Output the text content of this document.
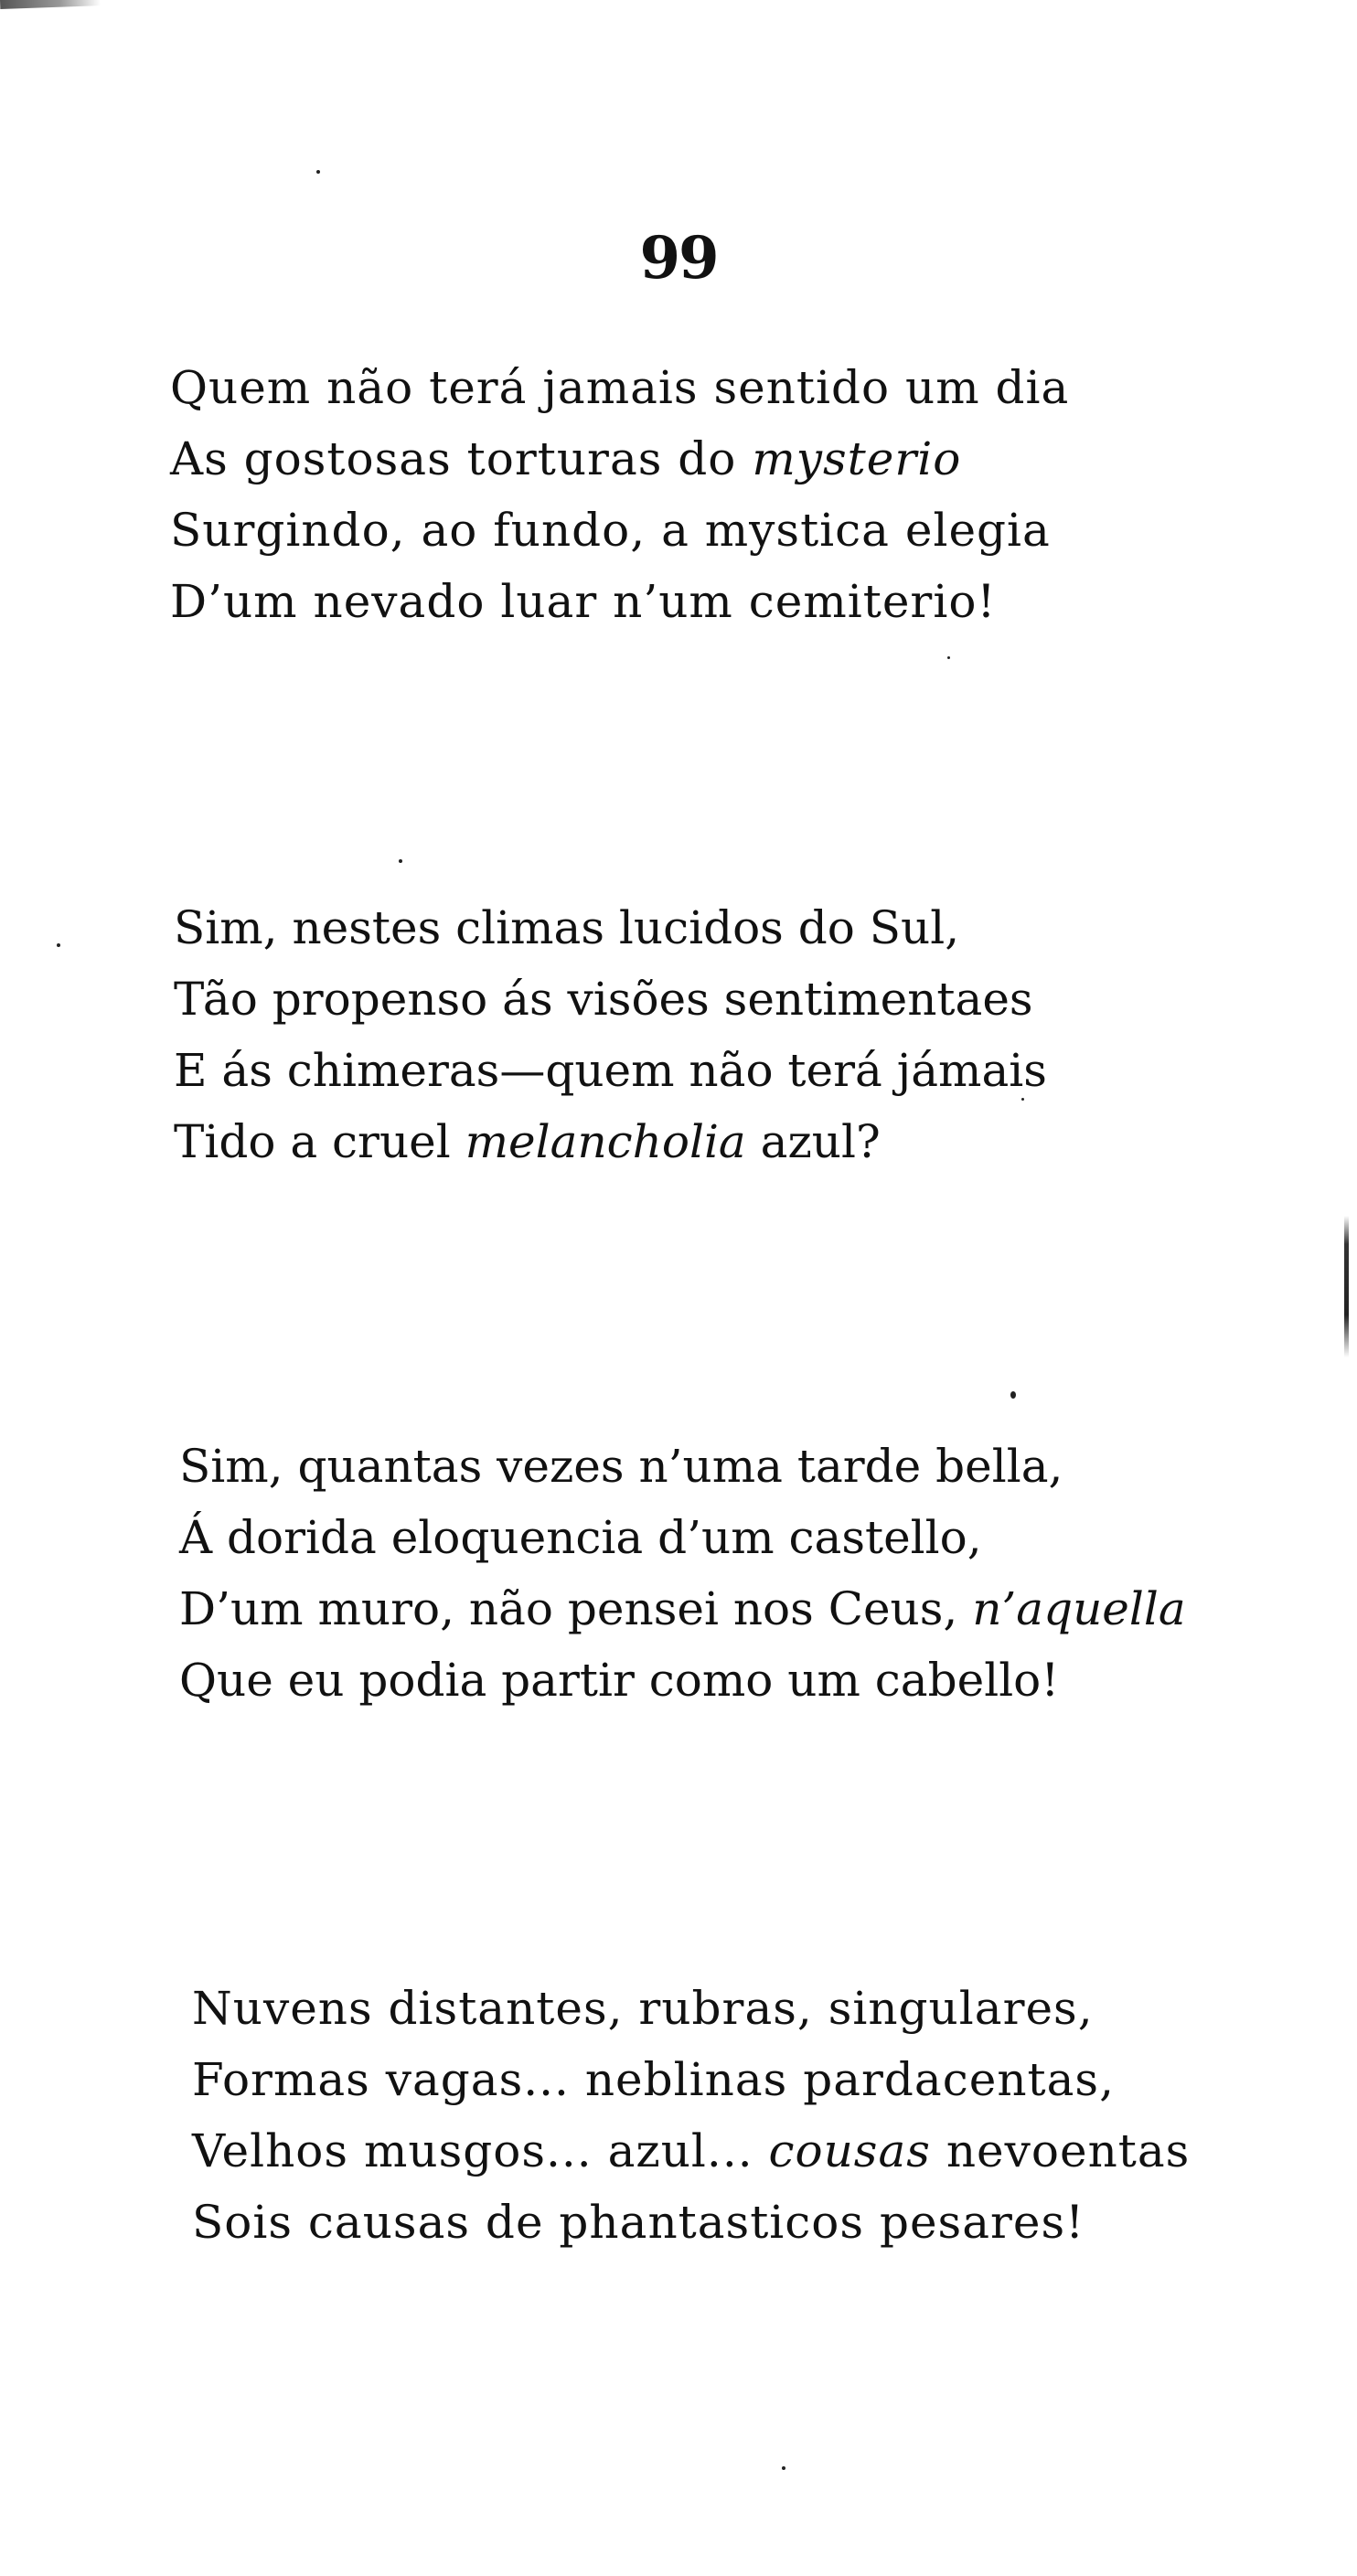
99
Quem não terá jamais sentido um dia
As gostosas torturas do mysterio
Surgindo, ao fundo, a mystica elegia
D’um nevado luar n’um cemiterio!
Sim, nestes climas lucidos do Sul,
Tão propenso ás visões sentimentaes
E ás chimeras—quem não terá jámais
Tido a cruel melancholia azul?
Sim, quantas vezes n’uma tarde bella,
Á dorida eloquencia d’um castello,
D’um muro, não pensei nos Ceus, n’aquella
Que eu podia partir como um cabello!
Nuvens distantes, rubras, singulares,
Formas vagas... neblinas pardacentas,
Velhos musgos... azul... cousas nevoentas
Sois causas de phantasticos pesares!
